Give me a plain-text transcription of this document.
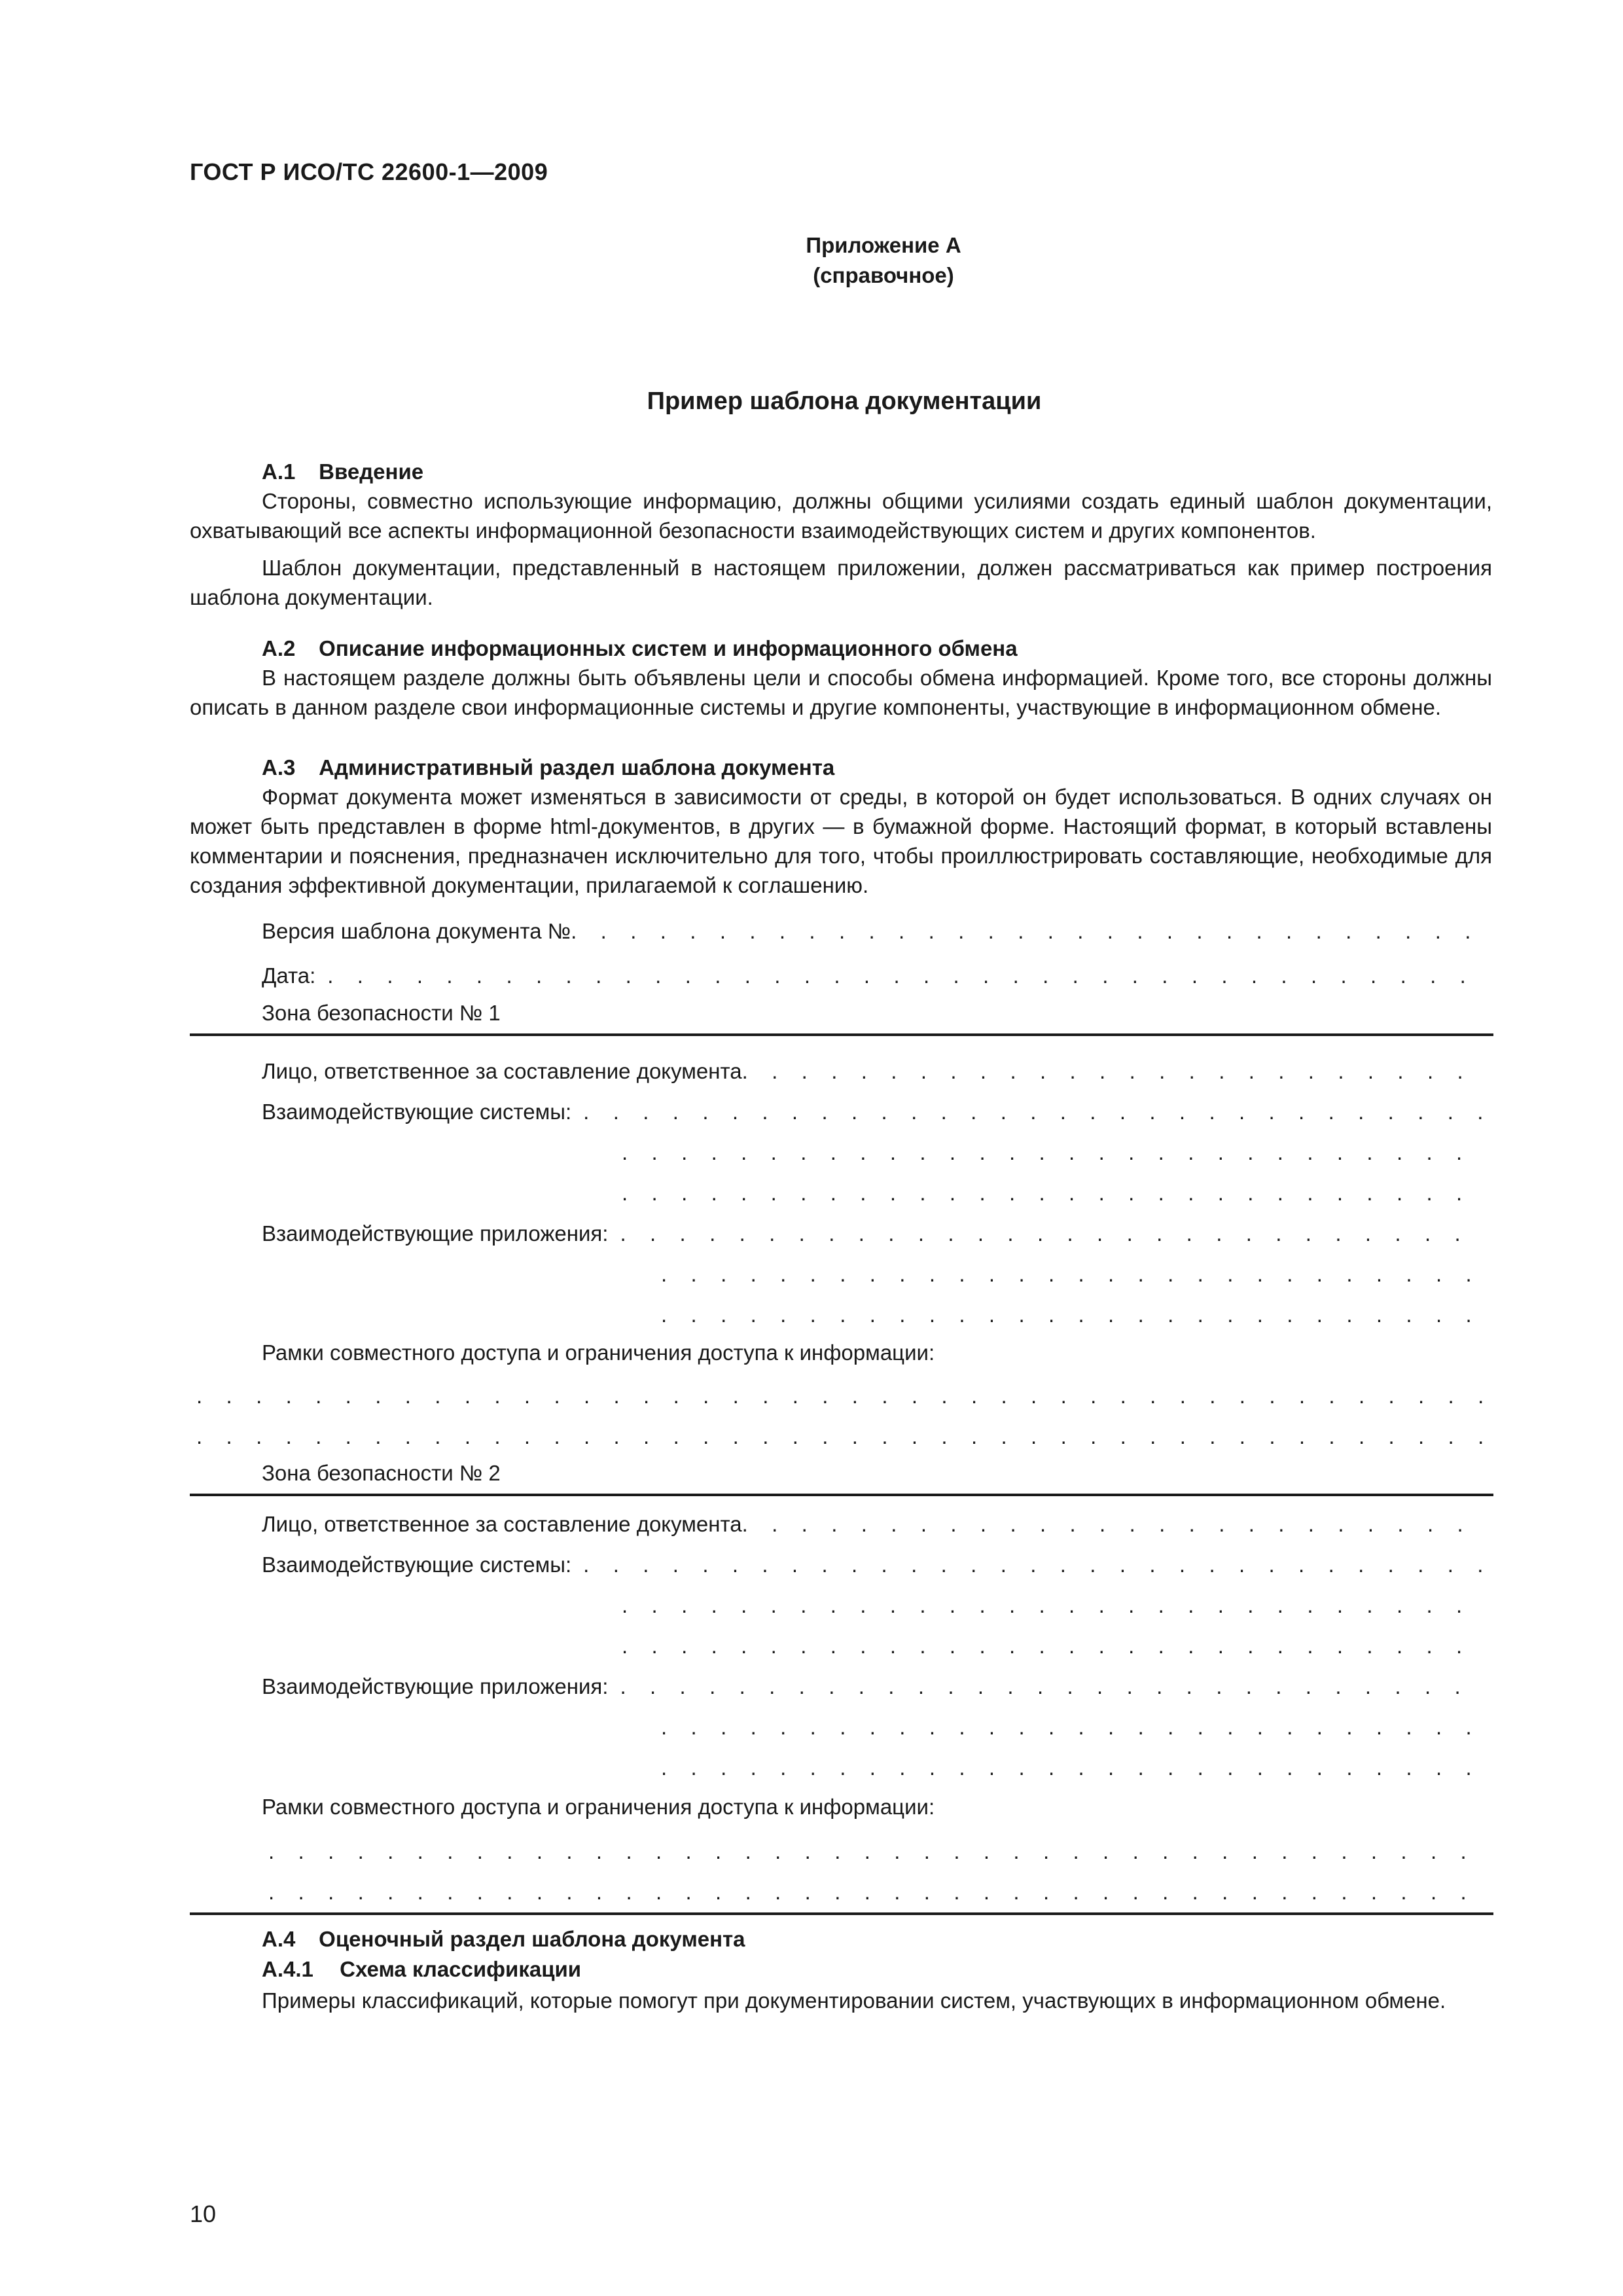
ГОСТ Р ИСО/ТС 22600-1—2009
Приложение А
(справочное)
Пример шаблона документации
А.1 Введение

Стороны, совместно использующие информацию, должны общими усилиями создать единый шаблон документации, охватывающий все аспекты информационной безопасности взаимодействующих систем и других компонентов.

Шаблон документации, представленный в настоящем приложении, должен рассматриваться как пример построения шаблона документации.

А.2 Описание информационных систем и информационного обмена

В настоящем разделе должны быть объявлены цели и способы обмена информацией. Кроме того, все стороны должны описать в данном разделе свои информационные системы и другие компоненты, участвующие в информационном обмене.

А.3 Административный раздел шаблона документа

Формат документа может изменяться в зависимости от среды, в которой он будет использоваться. В одних случаях он может быть представлен в форме html-документов, в других — в бумажной форме. Настоящий формат, в который вставлены комментарии и пояснения, предназначен исключительно для того, чтобы проиллюстрировать составляющие, необходимые для создания эффективной документации, прилагаемой к соглашению.

Версия шаблона документа №
. . .
Дата:
. . .
Зона безопасности № 1
Лицо, ответственное за составление документа
. . .
Взаимодействующие системы:
. . .
. . .
. . .
Взаимодействующие приложения:
. . .
. . .
. . .
Рамки совместного доступа и ограничения доступа к информации:
. . .
. . .
Зона безопасности № 2
Лицо, ответственное за составление документа
. . .
Взаимодействующие системы:
. . .
. . .
. . .
Взаимодействующие приложения:
. . .
. . .
. . .
Рамки совместного доступа и ограничения доступа к информации:
. . .
. . .
А.4 Оценочный раздел шаблона документа
А.4.1 Схема классификации

Примеры классификаций, которые помогут при документировании систем, участвующих в информационном обмене.

10
